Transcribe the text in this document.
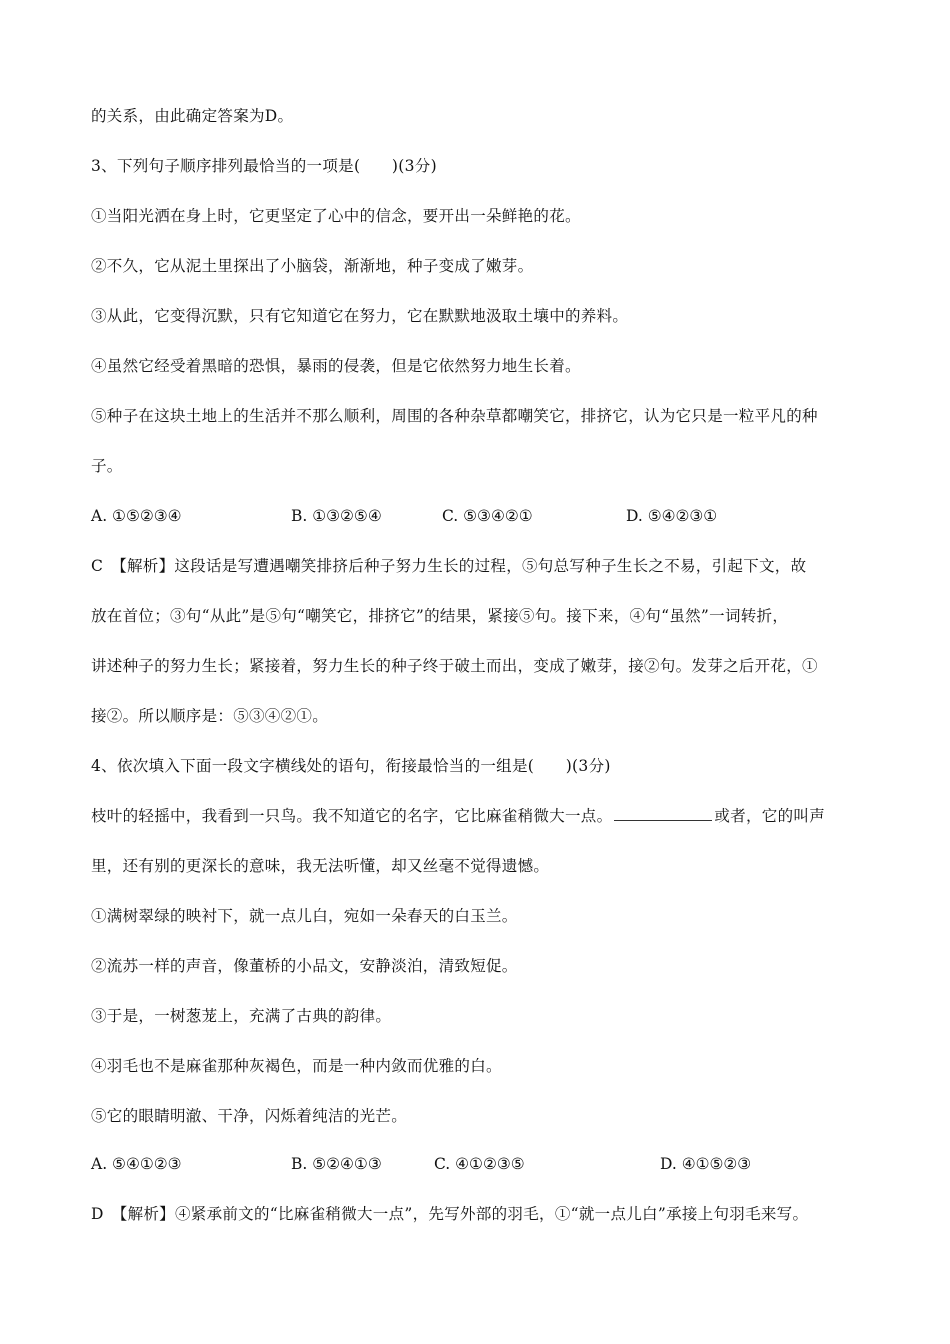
的关系，由此确定答案为D。
3、下列句子顺序排列最恰当的一项是(　　)(3分)
①当阳光洒在身上时，它更坚定了心中的信念，要开出一朵鲜艳的花。
②不久，它从泥土里探出了小脑袋，渐渐地，种子变成了嫩芽。
③从此，它变得沉默，只有它知道它在努力，它在默默地汲取土壤中的养料。
④虽然它经受着黑暗的恐惧，暴雨的侵袭，但是它依然努力地生长着。
⑤种子在这块土地上的生活并不那么顺利，周围的各种杂草都嘲笑它，排挤它，认为它只是一粒平凡的种
子。
A. ①⑤②③④	B. ①③②⑤④	C. ⑤③④②①	D. ⑤④②③①
C　【解析】这段话是写遭遇嘲笑排挤后种子努力生长的过程，⑤句总写种子生长之不易，引起下文，故
放在首位；③句“从此”是⑤句“嘲笑它，排挤它”的结果，紧接⑤句。接下来，④句“虽然”一词转折，
讲述种子的努力生长；紧接着，努力生长的种子终于破土而出，变成了嫩芽，接②句。发芽之后开花，①
接②。所以顺序是：⑤③④②①。
4、依次填入下面一段文字横线处的语句，衔接最恰当的一组是(　　)(3分)
枝叶的轻摇中，我看到一只鸟。我不知道它的名字，它比麻雀稍微大一点。	或者，它的叫声
里，还有别的更深长的意味，我无法听懂，却又丝毫不觉得遗憾。
①满树翠绿的映衬下，就一点儿白，宛如一朵春天的白玉兰。
②流苏一样的声音，像董桥的小品文，安静淡泊，清致短促。
③于是，一树葱茏上，充满了古典的韵律。
④羽毛也不是麻雀那种灰褐色，而是一种内敛而优雅的白。
⑤它的眼睛明澈、干净，闪烁着纯洁的光芒。
A. ⑤④①②③	B. ⑤②④①③	C. ④①②③⑤	D. ④①⑤②③
D　【解析】④紧承前文的“比麻雀稍微大一点”，先写外部的羽毛，①“就一点儿白”承接上句羽毛来写。
